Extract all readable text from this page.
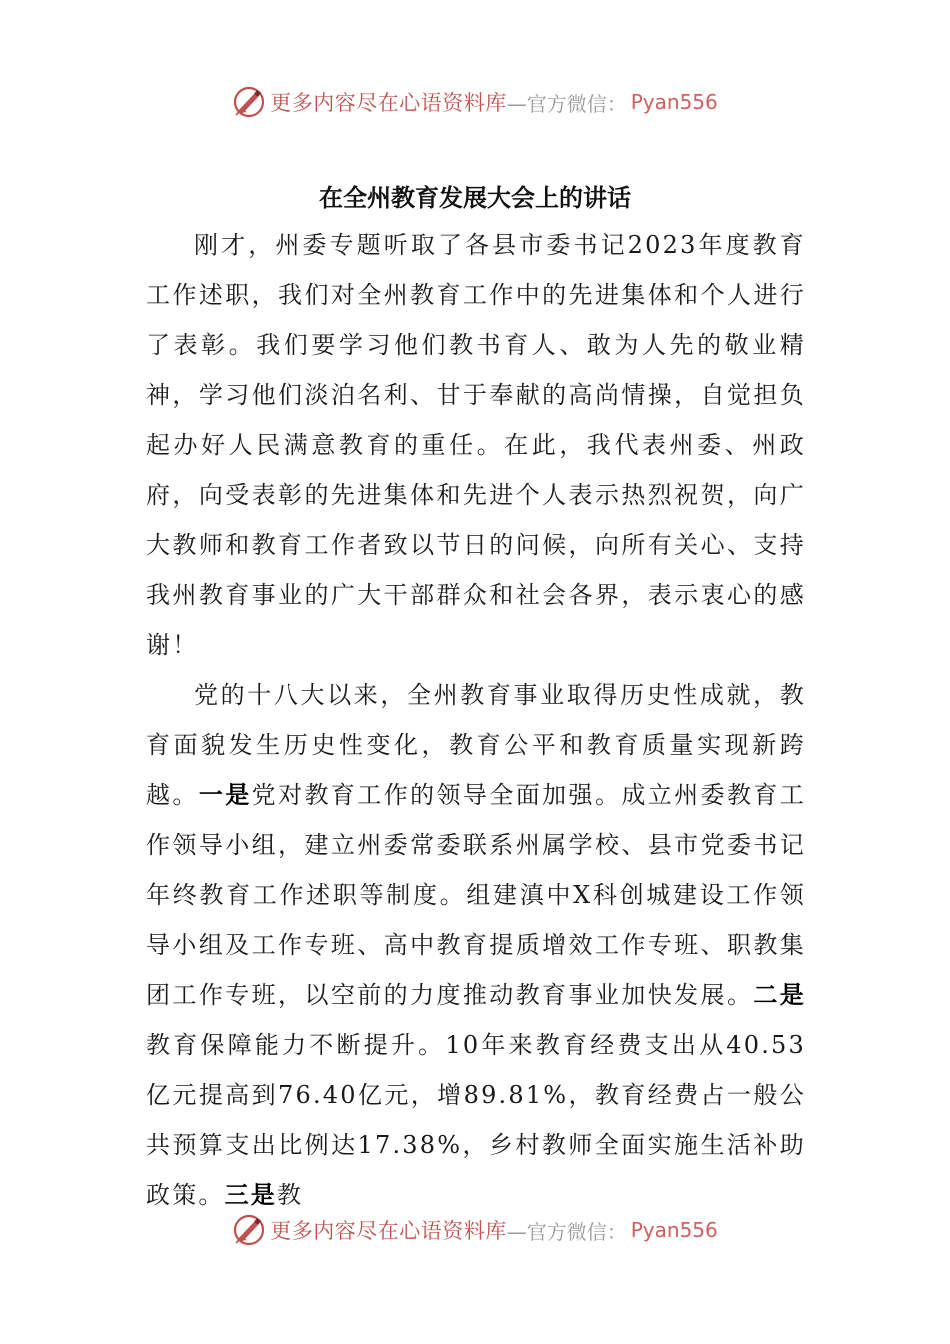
更多内容尽在心语资料库 —官方微信： Pyan556
在全州教育发展大会上的讲话

刚才，州委专题听取了各县市委书记2023年度教育工作述职，我们对全州教育工作中的先进集体和个人进行了表彰。我们要学习他们教书育人、敢为人先的敬业精神，学习他们淡泊名利、甘于奉献的高尚情操，自觉担负起办好人民满意教育的重任。在此，我代表州委、州政府，向受表彰的先进集体和先进个人表示热烈祝贺，向广大教师和教育工作者致以节日的问候，向所有关心、支持我州教育事业的广大干部群众和社会各界，表示衷心的感谢！

党的十八大以来，全州教育事业取得历史性成就，教育面貌发生历史性变化，教育公平和教育质量实现新跨越。一是党对教育工作的领导全面加强。成立州委教育工作领导小组，建立州委常委联系州属学校、县市党委书记年终教育工作述职等制度。组建滇中X科创城建设工作领导小组及工作专班、高中教育提质增效工作专班、职教集团工作专班，以空前的力度推动教育事业加快发展。二是教育保障能力不断提升。10年来教育经费支出从40.53亿元提高到76.40亿元，增89.81%，教育经费占一般公共预算支出比例达17.38%，乡村教师全面实施生活补助政策。三是教

更多内容尽在心语资料库 —官方微信： Pyan556
